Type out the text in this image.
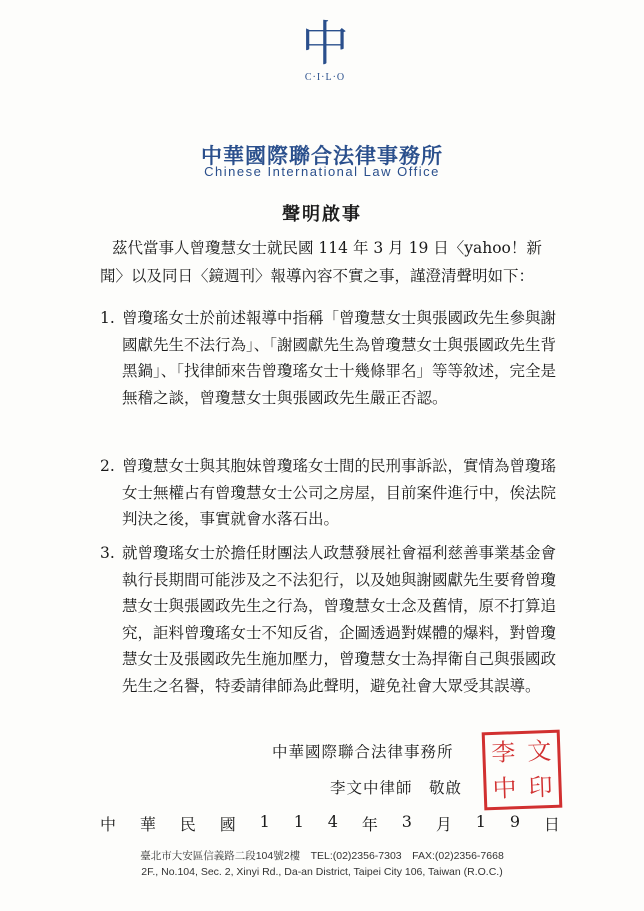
中
C·I·L·O
中華國際聯合法律事務所
Chinese International Law Office
聲明啟事
茲代當事人曾瓊慧女士就民國 114 年 3 月 19 日〈yahoo！新聞〉以及同日〈鏡週刊〉報導內容不實之事，謹澄清聲明如下：
1. 曾瓊瑤女士於前述報導中指稱「曾瓊慧女士與張國政先生參與謝國獻先生不法行為」、「謝國獻先生為曾瓊慧女士與張國政先生背黑鍋」、「找律師來告曾瓊瑤女士十幾條罪名」等等敘述，完全是無稽之談，曾瓊慧女士與張國政先生嚴正否認。
2. 曾瓊慧女士與其胞妹曾瓊瑤女士間的民刑事訴訟，實情為曾瓊瑤女士無權占有曾瓊慧女士公司之房屋，目前案件進行中，俟法院判決之後，事實就會水落石出。
3. 就曾瓊瑤女士於擔任財團法人政慧發展社會福利慈善事業基金會執行長期間可能涉及之不法犯行，以及她與謝國獻先生要脅曾瓊慧女士與張國政先生之行為，曾瓊慧女士念及舊情，原不打算追究，詎料曾瓊瑤女士不知反省，企圖透過對媒體的爆料，對曾瓊慧女士及張國政先生施加壓力，曾瓊慧女士為捍衛自己與張國政先生之名譽，特委請律師為此聲明，避免社會大眾受其誤導。
中華國際聯合法律事務所
李文中律師　敬啟
李 文
中 印
中 華 民 國 1 1 4 年 3 月 1 9 日
臺北市大安區信義路二段104號2樓　TEL:(02)2356-7303　FAX:(02)2356-7668
2F., No.104, Sec. 2, Xinyi Rd., Da-an District, Taipei City 106, Taiwan (R.O.C.)
